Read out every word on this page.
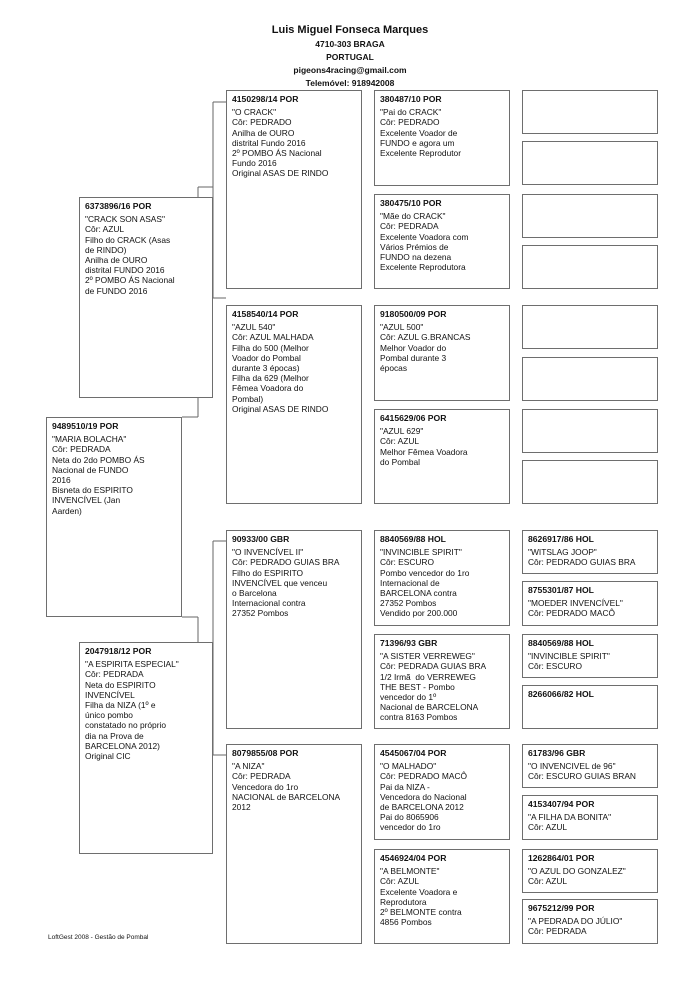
Luis Miguel Fonseca Marques
4710-303 BRAGA
PORTUGAL
pigeons4racing@gmail.com
Telemóvel: 918942008
9489510/19 POR
"MARIA BOLACHA"
Côr: PEDRADA
Neta do 2do POMBO ÁS
Nacional de FUNDO
2016
Bisneta do ESPIRITO
INVENCÍVEL (Jan
Aarden)
6373896/16 POR
"CRACK SON ASAS"
Côr: AZUL
Filho do CRACK (Asas
de RINDO)
Anilha de OURO
distrital FUNDO 2016
2º POMBO ÁS Nacional
de FUNDO 2016
2047918/12 POR
"A ESPIRITA ESPECIAL"
Côr: PEDRADA
Neta do ESPIRITO
INVENCÍVEL
Filha da NIZA (1º e
único pombo
constatado no próprio
dia na Prova de
BARCELONA 2012)
Original CIC
4150298/14 POR
"O CRACK"
Côr: PEDRADO
Anilha de OURO
distrital Fundo 2016
2º POMBO ÁS Nacional
Fundo 2016
Original ASAS DE RINDO
4158540/14 POR
"AZUL 540"
Côr: AZUL MALHADA
Filha do 500 (Melhor
Voador do Pombal
durante 3 épocas)
Filha da 629 (Melhor
Fêmea Voadora do
Pombal)
Original ASAS DE RINDO
90933/00 GBR
"O INVENCÍVEL II"
Côr: PEDRADO GUIAS BRA
Filho do ESPIRITO
INVENCÍVEL que venceu
o Barcelona
Internacional contra
27352 Pombos
8079855/08 POR
"A NIZA"
Côr: PEDRADA
Vencedora do 1ro
NACIONAL de BARCELONA
2012
380487/10 POR
"Pai do CRACK"
Côr: PEDRADO
Excelente Voador de
FUNDO e agora um
Excelente Reprodutor
380475/10 POR
"Mãe do CRACK"
Côr: PEDRADA
Excelente Voadora com
Vários Prémios de
FUNDO na dezena
Excelente Reprodutora
9180500/09 POR
"AZUL 500"
Côr: AZUL G.BRANCAS
Melhor Voador do
Pombal durante 3
épocas
6415629/06 POR
"AZUL 629"
Côr: AZUL
Melhor Fêmea Voadora
do Pombal
8840569/88 HOL
"INVINCIBLE SPIRIT"
Côr: ESCURO
Pombo vencedor do 1ro
Internacional de
BARCELONA contra
27352 Pombos
Vendido por 200.000
71396/93 GBR
"A SISTER VERREWEG"
Côr: PEDRADA GUIAS BRA
1/2 Irmã  do VERREWEG
THE BEST - Pombo
vencedor do 1º
Nacional de BARCELONA
contra 8163 Pombos
4545067/04 POR
"O MALHADO"
Côr: PEDRADO MACÔ
Pai da NIZA -
Vencedora do Nacional
de BARCELONA 2012
Pai do 8065906
vencedor do 1ro
4546924/04 POR
"A BELMONTE"
Côr: AZUL
Excelente Voadora e
Reprodutora
2º BELMONTE contra
4856 Pombos
8626917/86 HOL
"WITSLAG JOOP"
Côr: PEDRADO GUIAS BRA
8755301/87 HOL
"MOEDER INVENCÍVEL"
Côr: PEDRADO MACÔ
8840569/88 HOL
"INVINCIBLE SPIRIT"
Côr: ESCURO
8266066/82 HOL
61783/96 GBR
"O INVENCIVEL de 96"
Côr: ESCURO GUIAS BRAN
4153407/94 POR
"A FILHA DA BONITA"
Côr: AZUL
1262864/01 POR
"O AZUL DO GONZALEZ"
Côr: AZUL
9675212/99 POR
"A PEDRADA DO JÚLIO"
Côr: PEDRADA
LoftGest 2008 - Gestão de Pombal
